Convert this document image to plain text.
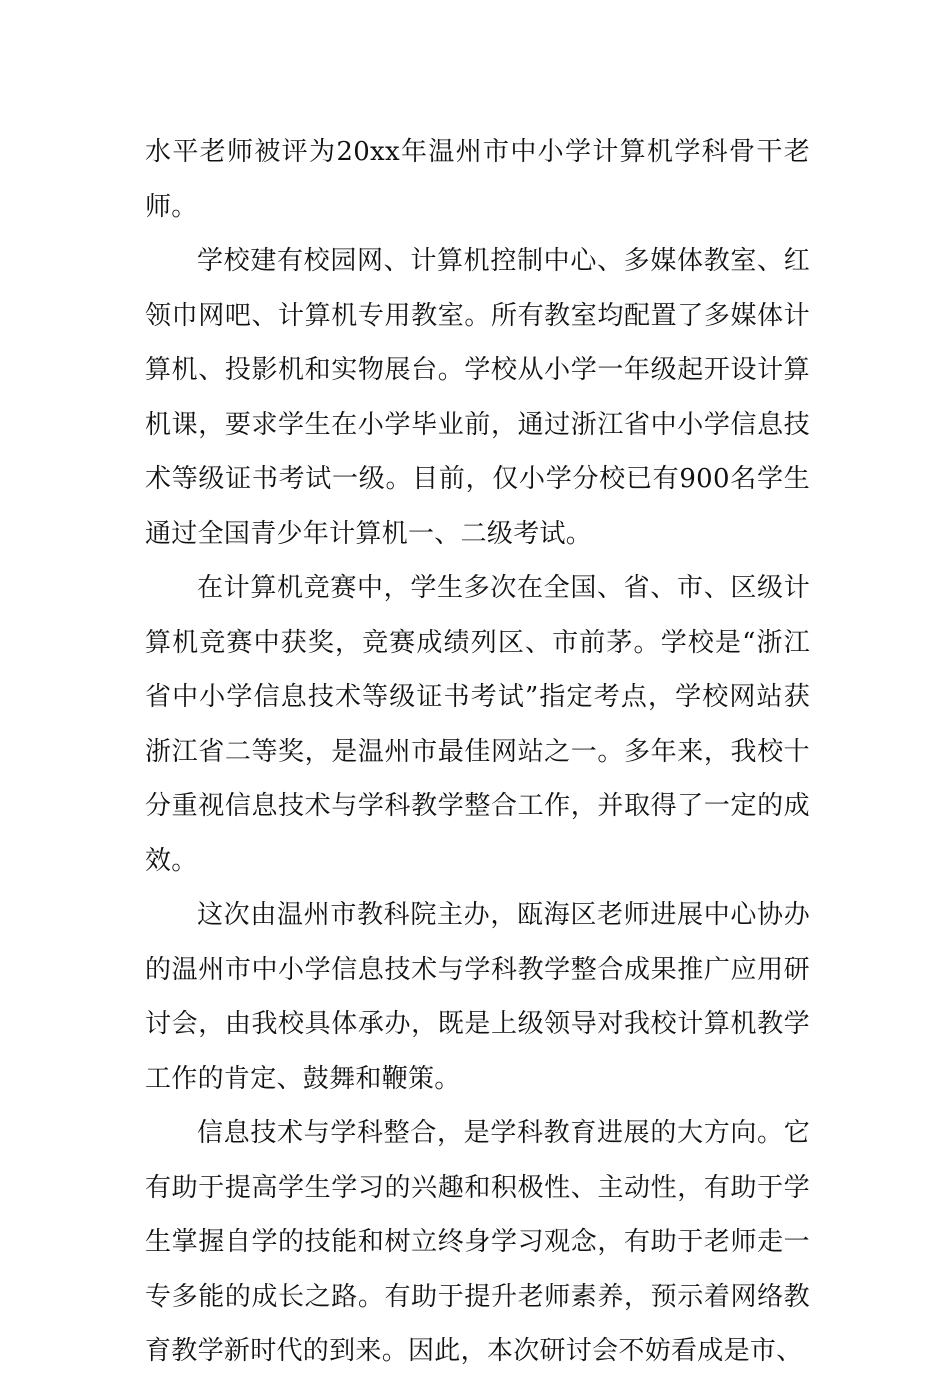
水平老师被评为20xx年温州市中小学计算机学科骨干老师。

学校建有校园网、计算机控制中心、多媒体教室、红领巾网吧、计算机专用教室。所有教室均配置了多媒体计算机、投影机和实物展台。学校从小学一年级起开设计算机课，要求学生在小学毕业前，通过浙江省中小学信息技术等级证书考试一级。目前，仅小学分校已有900名学生通过全国青少年计算机一、二级考试。

在计算机竞赛中，学生多次在全国、省、市、区级计算机竞赛中获奖，竞赛成绩列区、市前茅。学校是“浙江省中小学信息技术等级证书考试”指定考点，学校网站获浙江省二等奖，是温州市最佳网站之一。多年来，我校十分重视信息技术与学科教学整合工作，并取得了一定的成效。

这次由温州市教科院主办，瓯海区老师进展中心协办的温州市中小学信息技术与学科教学整合成果推广应用研讨会，由我校具体承办，既是上级领导对我校计算机教学工作的肯定、鼓舞和鞭策。

信息技术与学科整合，是学科教育进展的大方向。它有助于提高学生学习的兴趣和积极性、主动性，有助于学生掌握自学的技能和树立终身学习观念，有助于老师走一专多能的成长之路。有助于提升老师素养，预示着网络教育教学新时代的到来。因此，本次研讨会不妨看成是市、
